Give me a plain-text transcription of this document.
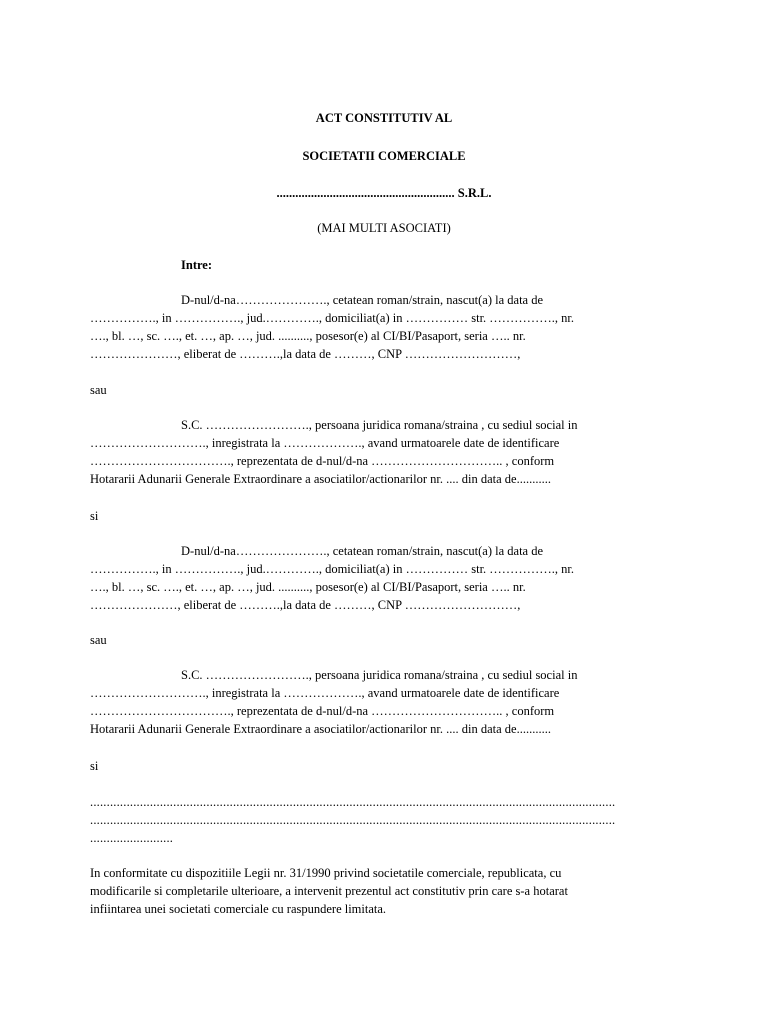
ACT CONSTITUTIV AL
SOCIETATII COMERCIALE
......................................................... S.R.L.
(MAI MULTI ASOCIATI)
Intre:
D-nul/d-na…………………., cetatean roman/strain, nascut(a) la data de
……………., in ……………., jud.…………., domiciliat(a) in …………… str. ……………., nr.
…., bl. …, sc. …., et. …, ap. …, jud. .........., posesor(e) al CI/BI/Pasaport, seria ….. nr.
…………………, eliberat de ……….,la data de ………, CNP ………………………,
sau
S.C. ……………………., persoana juridica romana/straina , cu sediul social in
………………………., inregistrata la ………………., avand urmatoarele date de identificare
……………………………., reprezentata de d-nul/d-na ………………………….. , conform
Hotararii Adunarii Generale Extraordinare a asociatilor/actionarilor nr. .... din data de...........
si
D-nul/d-na…………………., cetatean roman/strain, nascut(a) la data de
……………., in ……………., jud.…………., domiciliat(a) in …………… str. ……………., nr.
…., bl. …, sc. …., et. …, ap. …, jud. .........., posesor(e) al CI/BI/Pasaport, seria ….. nr.
…………………, eliberat de ……….,la data de ………, CNP ………………………,
sau
S.C. ……………………., persoana juridica romana/straina , cu sediul social in
………………………., inregistrata la ………………., avand urmatoarele date de identificare
……………………………., reprezentata de d-nul/d-na ………………………….. , conform
Hotararii Adunarii Generale Extraordinare a asociatilor/actionarilor nr. .... din data de...........
si
..............................................................................................................................................................
..............................................................................................................................................................
.........................
In conformitate cu dispozitiile Legii nr. 31/1990 privind societatile comerciale, republicata, cu
modificarile si completarile ulterioare, a intervenit prezentul act constitutiv prin care s-a hotarat
infiintarea unei societati comerciale cu raspundere limitata.
